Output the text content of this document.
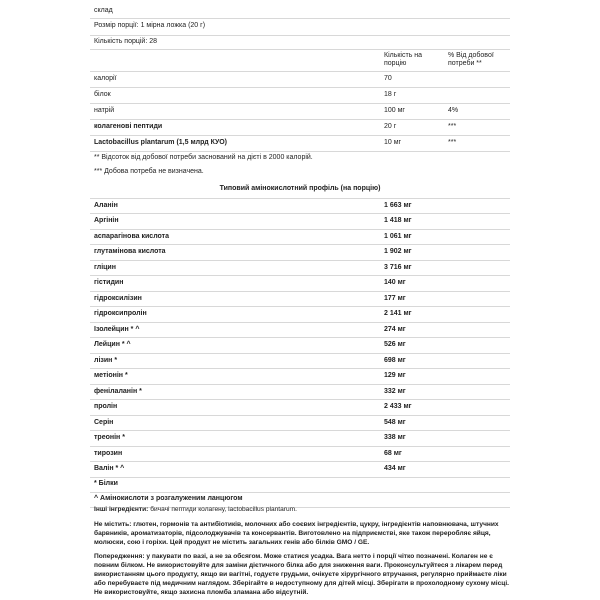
склад		
Розмір порції: 1 мірна ложка (20 г)		
Кількість порцій: 28		
	Кількість на порцію	% Від добової потреби **
калорії	70	
білок	18 г	
натрій	100 мг	4%
колагенові пептиди	20 г	***
Lactobacillus plantarum (1,5 млрд КУО)	10 мг	***
** Відсоток від добової потреби заснований на дієті в 2000 калорій.		
*** Добова потреба не визначена.		
Типовий амінокислотний профіль (на порцію)	
Аланін	1 663 мг
Аргінін	1 418 мг
аспарагінова кислота	1 061 мг
глутамінова кислота	1 902 мг
гліцин	3 716 мг
гістидин	140 мг
гідроксилізин	177 мг
гідроксипролін	2 141 мг
Ізолейцин * ^	274 мг
Лейцин * ^	526 мг
лізин *	698 мг
метіонін *	129 мг
фенілаланін *	332 мг
пролін	2 433 мг
Серін	548 мг
треонін *	338 мг
тирозин	68 мг
Валін * ^	434 мг
* Білки	
^ Амінокислоти з розгалуженим ланцюгом	

Інші інгредієнти: бичачі пептиди колагену, lactobacillus plantarum.

Не містить: глютен, гормонів та антибіотиків, молочних або соєвих інгредієнтів, цукру, інгредієнтів наповнювача, штучних барвників, ароматизаторів, підсолоджувачів та консервантів. Виготовлено на підприємстві, яке також переробляє яйця, молюски, сою і горіхи. Цей продукт не містить загальних генів або білків GMO / GE.

Попередження: у пакувати по вазі, а не за обсягом. Може статися усадка. Вага нетто і порції чітко позначені. Колаген не є повним білком. Не використовуйте для заміни дієтичного білка або для зниження ваги. Проконсультуйтеся з лікарем перед використанням цього продукту, якщо ви вагітні, годуєте грудьми, очікуєте хірургічного втручання, регулярно приймаєте ліки або перебуваєте під медичним наглядом. Зберігайте в недоступному для дітей місці. Зберігати в прохолодному сухому місці. Не використовуйте, якщо захисна пломба зламана або відсутній.
